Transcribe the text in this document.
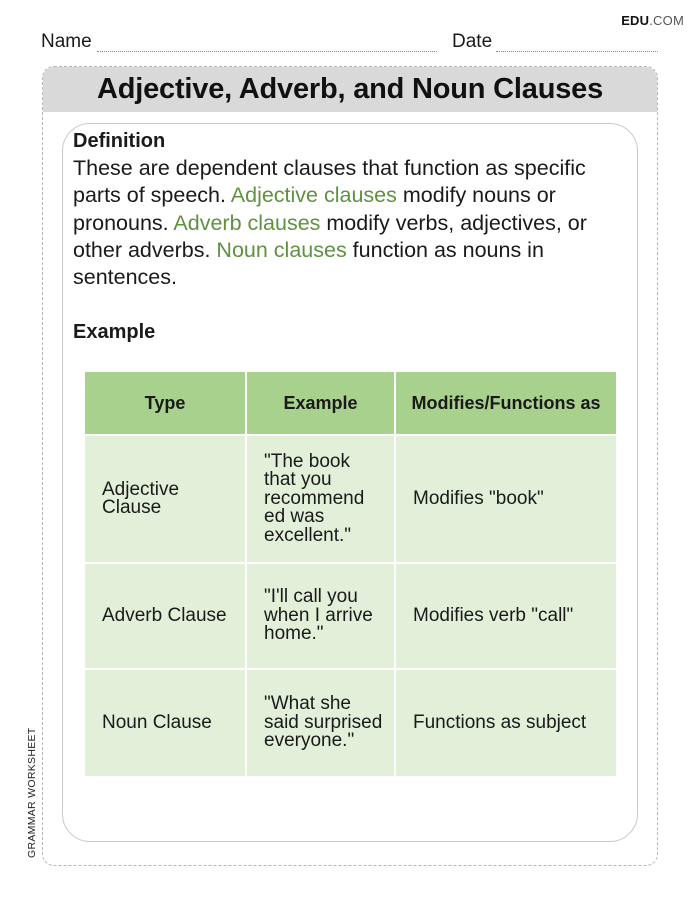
EDU.COM
Name	Date
Adjective, Adverb, and Noun Clauses
Definition
These are dependent clauses that function as specific parts of speech. Adjective clauses modify nouns or pronouns. Adverb clauses modify verbs, adjectives, or other adverbs. Noun clauses function as nouns in sentences.
Example
Type	Example	Modifies/Functions as
Adjective Clause	"The book that you recommend ed was excellent."	Modifies "book"
Adverb Clause	"I'll call you when I arrive home."	Modifies verb "call"
Noun Clause	"What she said surprised everyone."	Functions as subject
GRAMMAR WORKSHEET
